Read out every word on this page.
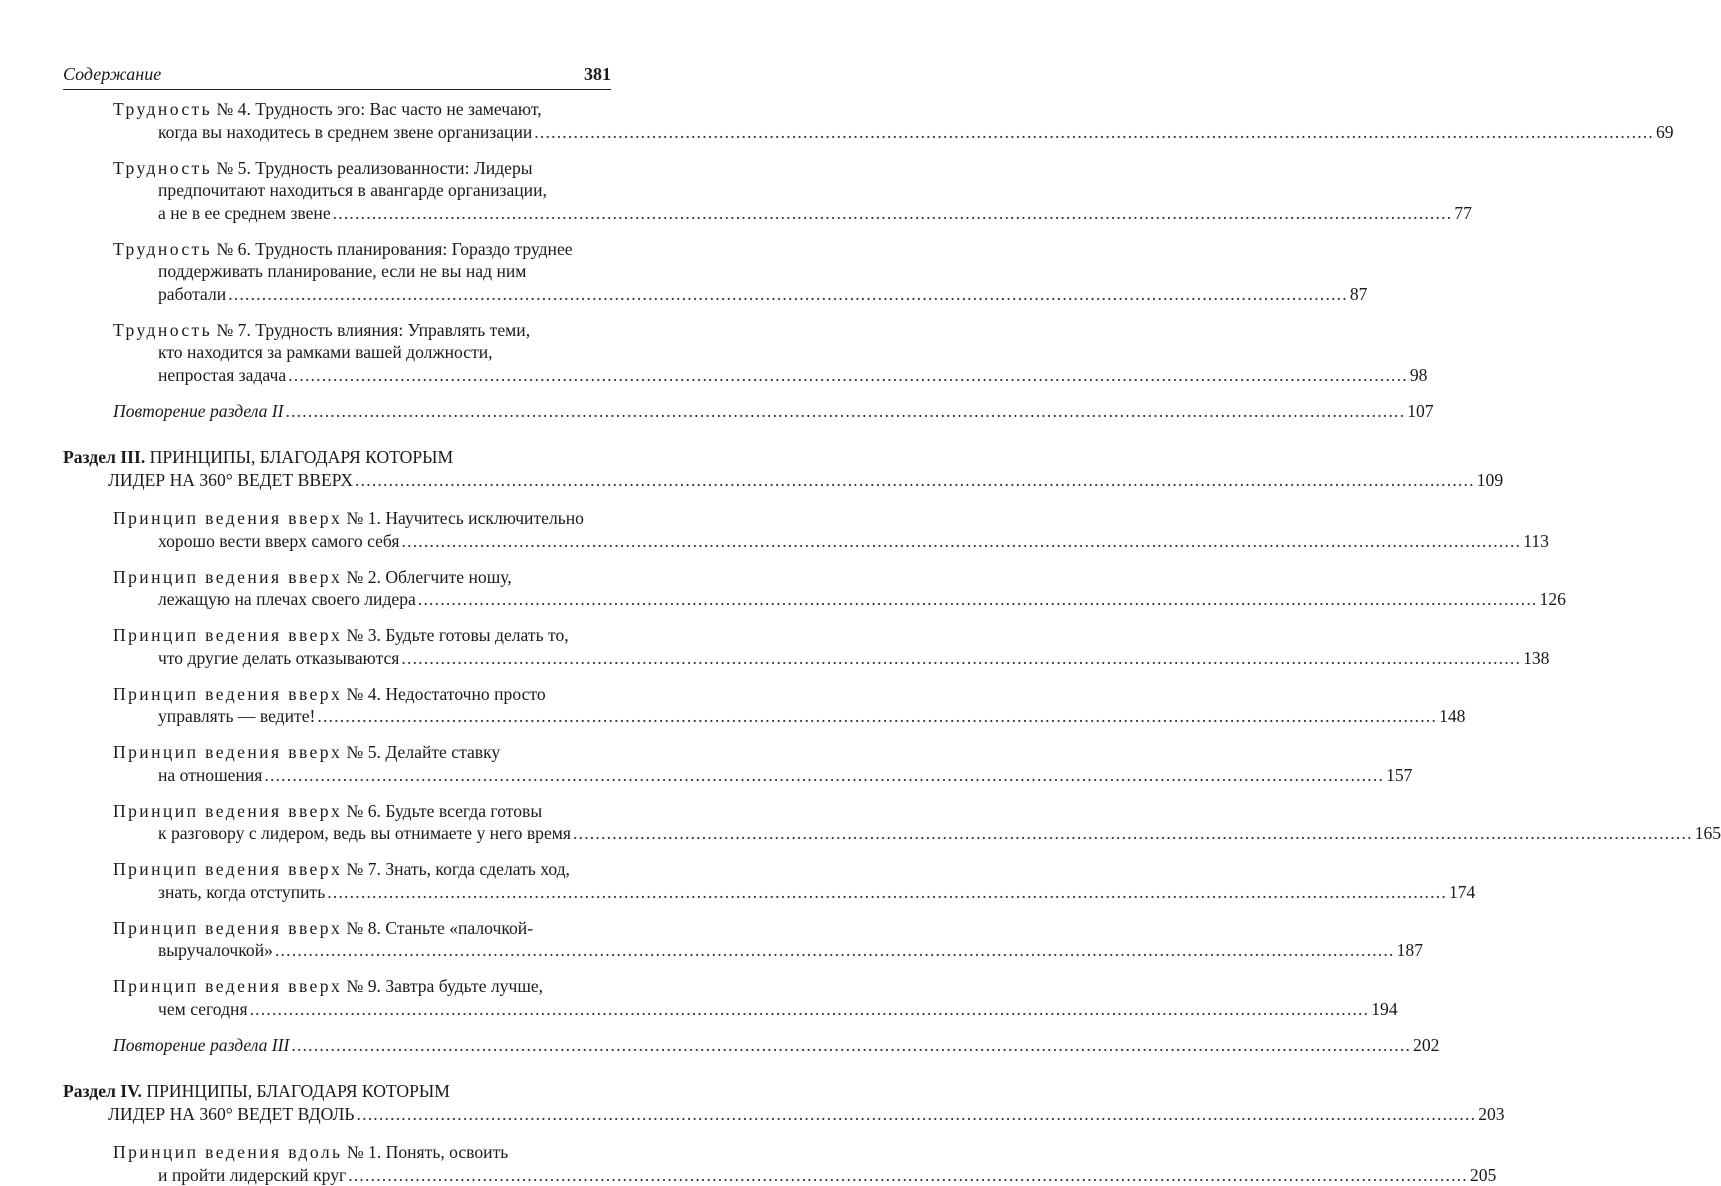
Содержание	381
Трудность № 4. Трудность эго: Вас часто не замечают,
когда вы находитесь в среднем звене организации ........................................................................................................................................................................................................ 69
Трудность № 5. Трудность реализованности: Лидеры
предпочитают находиться в авангарде организации,
а не в ее среднем звене ........................................................................................................................................................................................................ 77
Трудность № 6. Трудность планирования: Гораздо труднее
поддерживать планирование, если не вы над ним
работали ........................................................................................................................................................................................................ 87
Трудность № 7. Трудность влияния: Управлять теми,
кто находится за рамками вашей должности,
непростая задача ........................................................................................................................................................................................................ 98
Повторение раздела II ........................................................................................................................................................................................................ 107
Раздел III. ПРИНЦИПЫ, БЛАГОДАРЯ КОТОРЫМ
ЛИДЕР НА 360° ВЕДЕТ ВВЕРХ ........................................................................................................................................................................................................ 109
Принцип ведения вверх № 1. Научитесь исключительно
хорошо вести вверх самого себя ........................................................................................................................................................................................................ 113
Принцип ведения вверх № 2. Облегчите ношу,
лежащую на плечах своего лидера ........................................................................................................................................................................................................ 126
Принцип ведения вверх № 3. Будьте готовы делать то,
что другие делать отказываются ........................................................................................................................................................................................................ 138
Принцип ведения вверх № 4. Недостаточно просто
управлять — ведите! ........................................................................................................................................................................................................ 148
Принцип ведения вверх № 5. Делайте ставку
на отношения ........................................................................................................................................................................................................ 157
Принцип ведения вверх № 6. Будьте всегда готовы
к разговору с лидером, ведь вы отнимаете у него время ........................................................................................................................................................................................................ 165
Принцип ведения вверх № 7. Знать, когда сделать ход,
знать, когда отступить ........................................................................................................................................................................................................ 174
Принцип ведения вверх № 8. Станьте «палочкой-
выручалочкой» ........................................................................................................................................................................................................ 187
Принцип ведения вверх № 9. Завтра будьте лучше,
чем сегодня ........................................................................................................................................................................................................ 194
Повторение раздела III ........................................................................................................................................................................................................ 202
Раздел IV. ПРИНЦИПЫ, БЛАГОДАРЯ КОТОРЫМ
ЛИДЕР НА 360° ВЕДЕТ ВДОЛЬ ........................................................................................................................................................................................................ 203
Принцип ведения вдоль № 1. Понять, освоить
и пройти лидерский круг ........................................................................................................................................................................................................ 205
